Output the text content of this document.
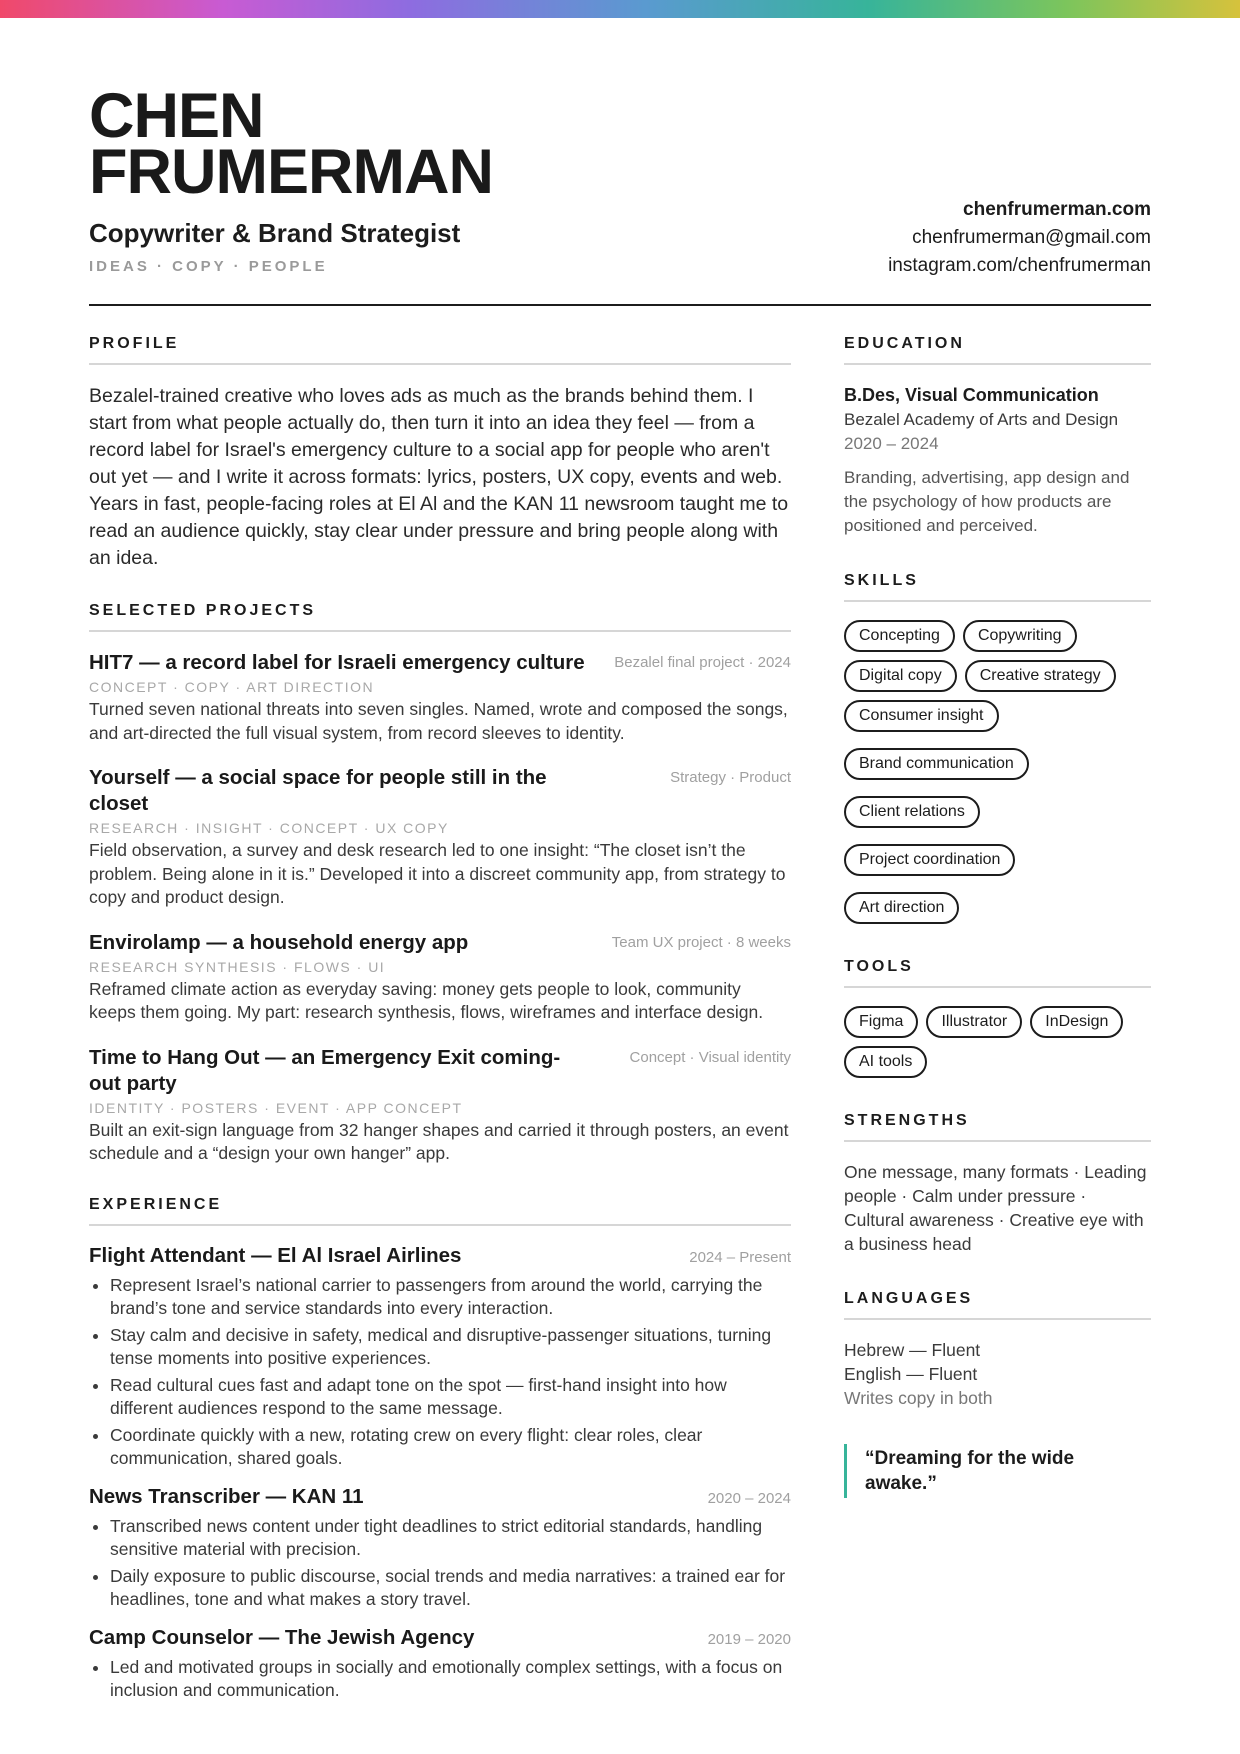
CHEN
FRUMERMAN
Copywriter & Brand Strategist
IDEAS · COPY · PEOPLE
chenfrumerman.com
chenfrumerman@gmail.com
instagram.com/chenfrumerman
PROFILE
Bezalel-trained creative who loves ads as much as the brands behind them. I start from what people actually do, then turn it into an idea they feel — from a record label for Israel's emergency culture to a social app for people who aren't out yet — and I write it across formats: lyrics, posters, UX copy, events and web. Years in fast, people-facing roles at El Al and the KAN 11 newsroom taught me to read an audience quickly, stay clear under pressure and bring people along with an idea.
SELECTED PROJECTS
HIT7 — a record label for Israeli emergency culture Bezalel final project · 2024
CONCEPT · COPY · ART DIRECTION
Turned seven national threats into seven singles. Named, wrote and composed the songs, and art-directed the full visual system, from record sleeves to identity.
Yourself — a social space for people still in the closet
Strategy · Product
RESEARCH · INSIGHT · CONCEPT · UX COPY
Field observation, a survey and desk research led to one insight: “The closet isn’t the problem. Being alone in it is.” Developed it into a discreet community app, from strategy to copy and product design.
Envirolamp — a household energy app	Team UX project · 8 weeks
RESEARCH SYNTHESIS · FLOWS · UI
Reframed climate action as everyday saving: money gets people to look, community keeps them going. My part: research synthesis, flows, wireframes and interface design.
Time to Hang Out — an Emergency Exit coming-out party
Concept · Visual identity
IDENTITY · POSTERS · EVENT · APP CONCEPT
Built an exit-sign language from 32 hanger shapes and carried it through posters, an event schedule and a “design your own hanger” app.
EXPERIENCE
Flight Attendant — El Al Israel Airlines	2024 – Present
• Represent Israel’s national carrier to passengers from around the world, carrying the brand’s tone and service standards into every interaction.
• Stay calm and decisive in safety, medical and disruptive-passenger situations, turning tense moments into positive experiences.
• Read cultural cues fast and adapt tone on the spot — first-hand insight into how different audiences respond to the same message.
• Coordinate quickly with a new, rotating crew on every flight: clear roles, clear communication, shared goals.
News Transcriber — KAN 11	2020 – 2024
• Transcribed news content under tight deadlines to strict editorial standards, handling sensitive material with precision.
• Daily exposure to public discourse, social trends and media narratives: a trained ear for headlines, tone and what makes a story travel.
Camp Counselor — The Jewish Agency	2019 – 2020
• Led and motivated groups in socially and emotionally complex settings, with a focus on inclusion and communication.
EDUCATION
B.Des, Visual Communication
Bezalel Academy of Arts and Design
2020 – 2024
Branding, advertising, app design and the psychology of how products are positioned and perceived.
SKILLS
Concepting	Copywriting
Digital copy	Creative strategy
Consumer insight
Brand communication
Client relations
Project coordination
Art direction
TOOLS
Figma	Illustrator	InDesign
AI tools
STRENGTHS
One message, many formats · Leading people · Calm under pressure · Cultural awareness · Creative eye with a business head
LANGUAGES
Hebrew — Fluent
English — Fluent
Writes copy in both
“Dreaming for the wide awake.”
